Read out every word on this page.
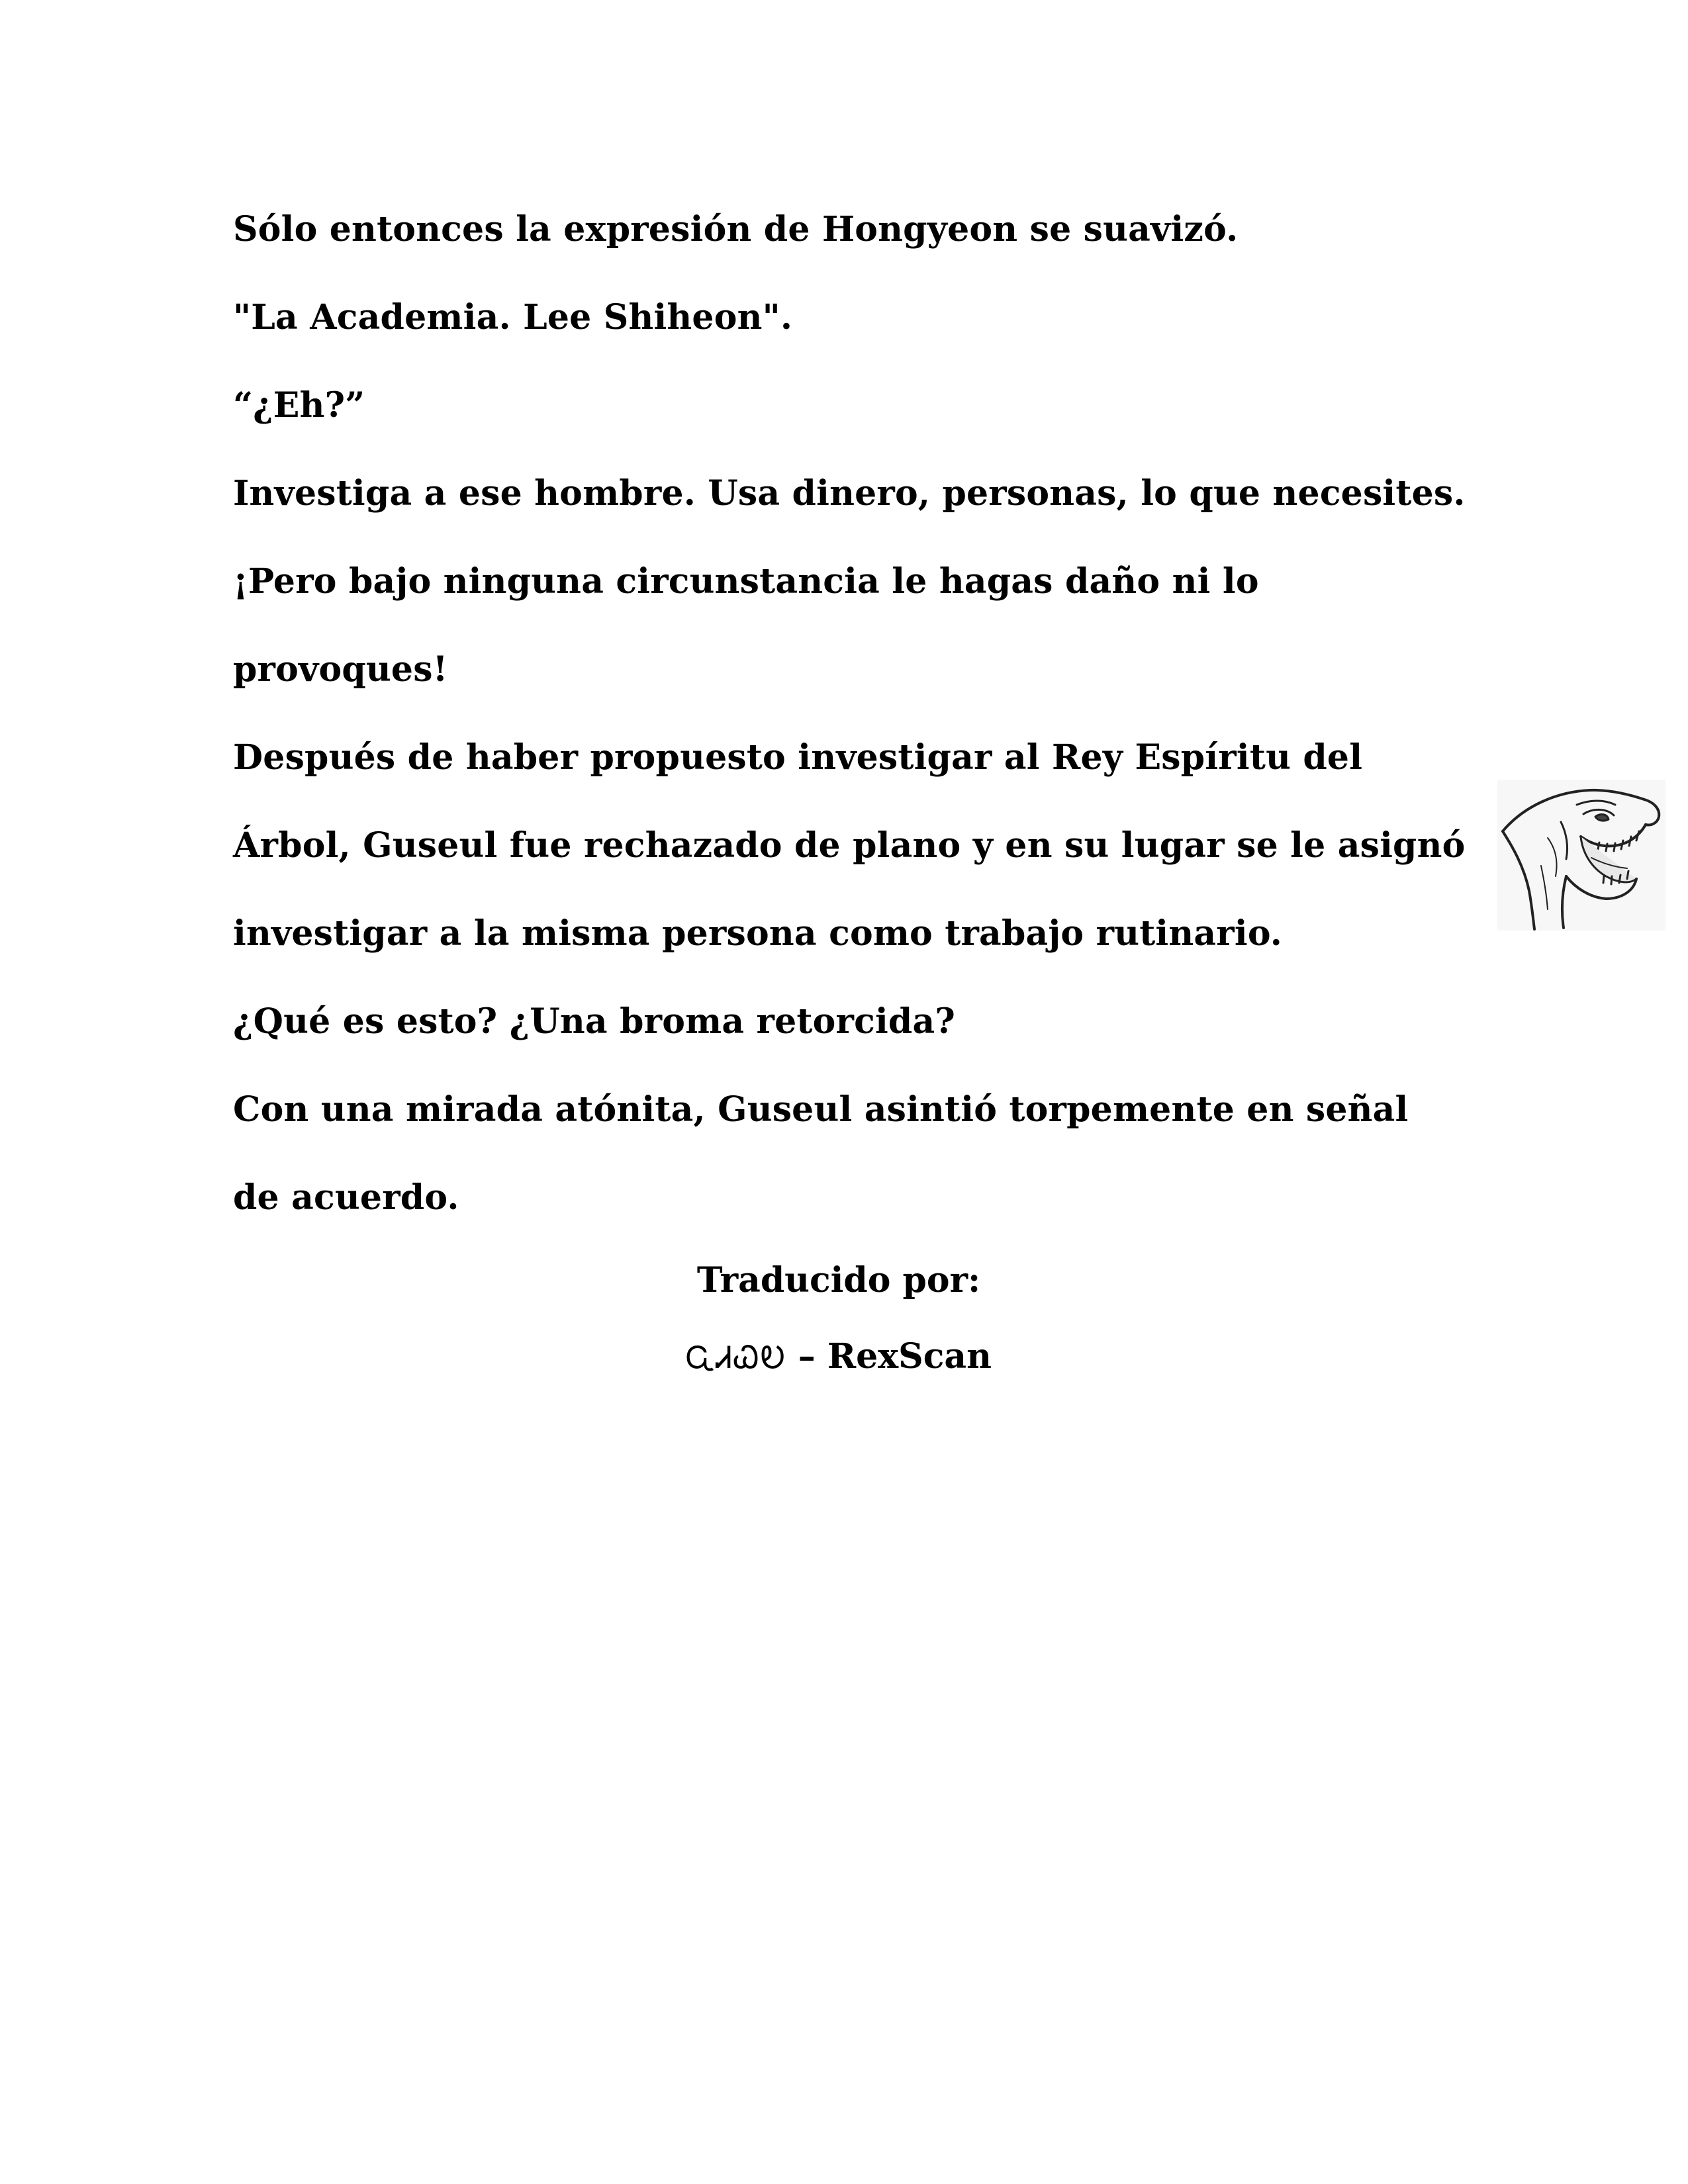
Sólo entonces la expresión de Hongyeon se suavizó.
"La Academia. Lee Shiheon".
“¿Eh?”
Investiga a ese hombre. Usa dinero, personas, lo que necesites.
¡Pero bajo ninguna circunstancia le hagas daño ni lo
provoques!
Después de haber propuesto investigar al Rey Espíritu del
Árbol, Guseul fue rechazado de plano y en su lugar se le asignó
investigar a la misma persona como trabajo rutinario.
¿Qué es esto? ¿Una broma retorcida?
Con una mirada atónita, Guseul asintió torpemente en señal
de acuerdo.
Traducido por:
ᏩᏗᏇᎧ – RexScan
